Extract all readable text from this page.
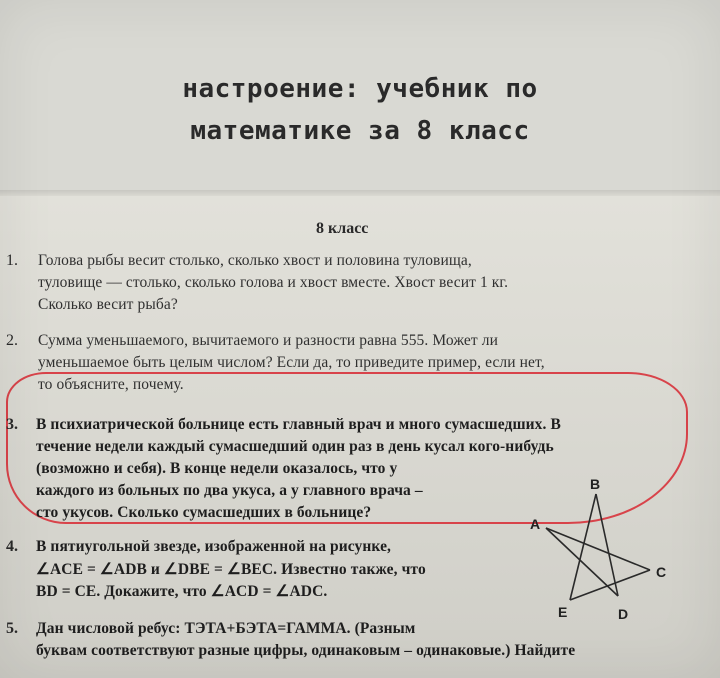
настроение: учебник по
математике за 8 класс
8 класс
1. Голова рыбы весит столько, сколько хвост и половина туловища,
туловище — столько, сколько голова и хвост вместе. Хвост весит 1 кг.
Сколько весит рыба?
2. Сумма уменьшаемого, вычитаемого и разности равна 555. Может ли
уменьшаемое быть целым числом? Если да, то приведите пример, если нет,
то объясните, почему.
3. В психиатрической больнице есть главный врач и много сумасшедших. В
течение недели каждый сумасшедший один раз в день кусал кого-нибудь
(возможно и себя). В конце недели оказалось, что у
каждого из больных по два укуса, а у главного врача –
сто укусов. Сколько сумасшедших в больнице?
4. В пятиугольной звезде, изображенной на рисунке,
∠ACE = ∠ADB и ∠DBE = ∠BEC. Известно также, что
BD = CE. Докажите, что ∠ACD = ∠ADC.
5. Дан числовой ребус: ТЭТА+БЭТА=ГАММА. (Разным
буквам соответствуют разные цифры, одинаковым – одинаковые.) Найдите
B
A
C
E	D
